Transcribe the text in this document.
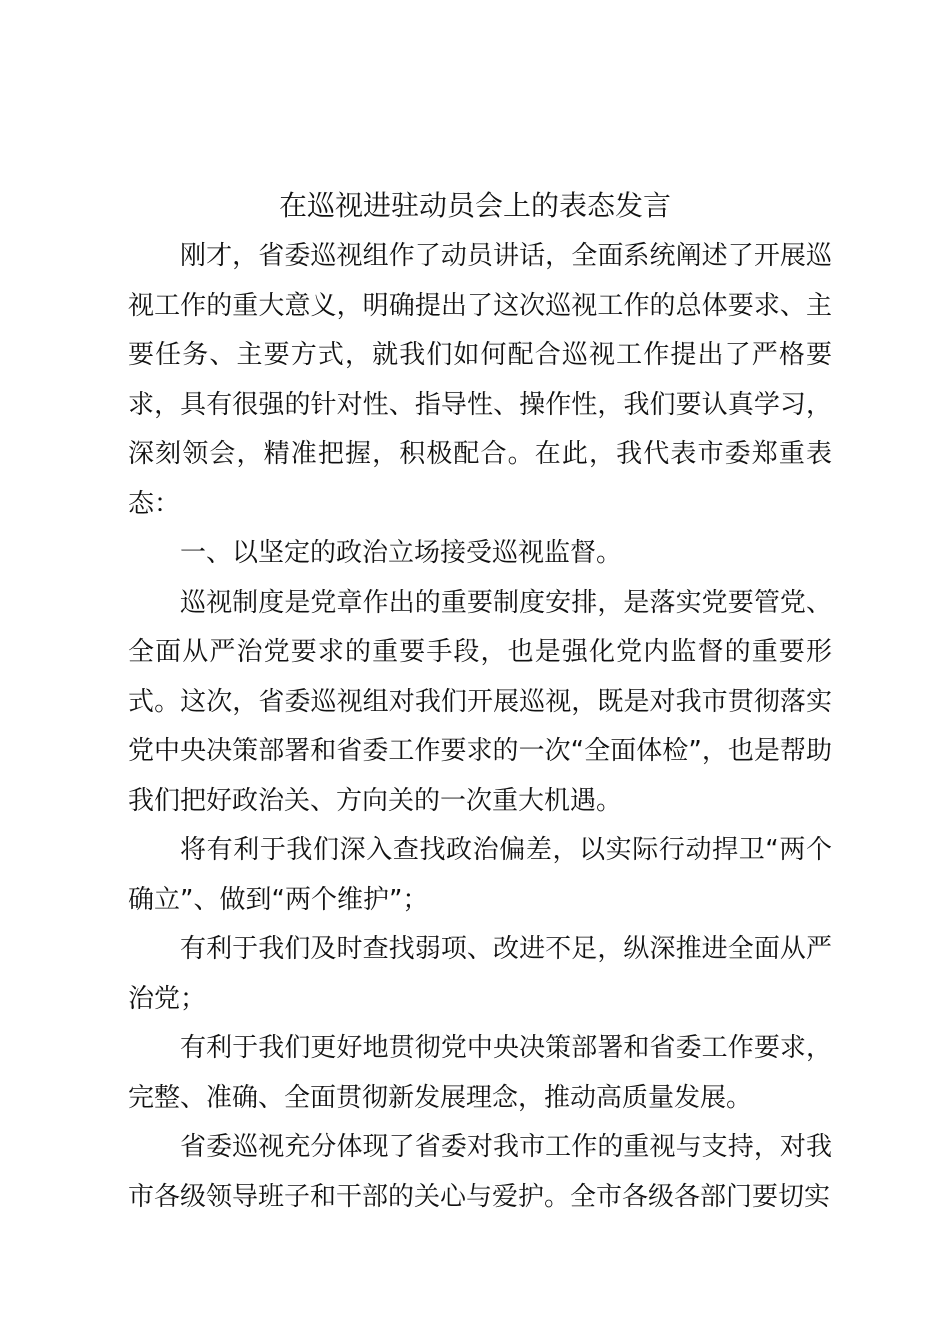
在巡视进驻动员会上的表态发言

刚才，省委巡视组作了动员讲话，全面系统阐述了开展巡视工作的重大意义，明确提出了这次巡视工作的总体要求、主要任务、主要方式，就我们如何配合巡视工作提出了严格要求，具有很强的针对性、指导性、操作性，我们要认真学习，深刻领会，精准把握，积极配合。在此，我代表市委郑重表态：

一、以坚定的政治立场接受巡视监督。

巡视制度是党章作出的重要制度安排，是落实党要管党、全面从严治党要求的重要手段，也是强化党内监督的重要形式。这次，省委巡视组对我们开展巡视，既是对我市贯彻落实党中央决策部署和省委工作要求的一次“全面体检”，也是帮助我们把好政治关、方向关的一次重大机遇。

将有利于我们深入查找政治偏差，以实际行动捍卫“两个确立”、做到“两个维护”；

有利于我们及时查找弱项、改进不足，纵深推进全面从严治党；

有利于我们更好地贯彻党中央决策部署和省委工作要求，完整、准确、全面贯彻新发展理念，推动高质量发展。

省委巡视充分体现了省委对我市工作的重视与支持，对我市各级领导班子和干部的关心与爱护。全市各级各部门要切实
